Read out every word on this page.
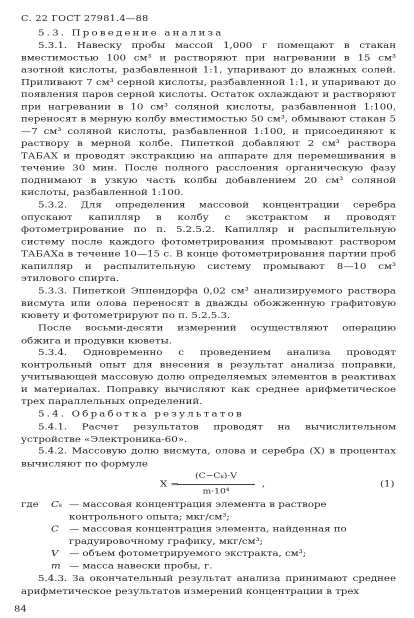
С. 22 ГОСТ 27981.4—88
5.3. Проведение анализа

5.3.1. Навеску пробы массой 1,000 г помещают в стакан вместимостью 100 см³ и растворяют при нагревании в 15 см³ азотной кислоты, разбавленной 1:1, упаривают до влажных солей. Приливают 7 см³ серной кислоты, разбавленной 1:1, и упаривают до появления паров серной кислоты. Остаток охлаждают и растворяют при нагревании в 10 см³ соляной кислоты, разбавленной 1:100, переносят в мерную колбу вместимостью 50 см³, обмывают стакан 5—7 см³ соляной кислоты, разбавленной 1:100, и присоединяют к раствору в мерной колбе. Пипеткой добавляют 2 см³ раствора ТАБАХ и проводят экстракцию на аппарате для перемешивания в течение 30 мин. После полного расслоения органическую фазу поднимают в узкую часть колбы добавлением 20 см³ соляной кислоты, разбавленной 1:100.

5.3.2. Для определения массовой концентрации серебра опускают капилляр в колбу с экстрактом и проводят фотометрирование по п. 5.2.5.2. Капилляр и распылительную систему после каждого фотометрирования промывают раствором ТАБАХа в течение 10—15 с. В конце фотометрирования партии проб капилляр и распылительную систему промывают 8—10 см³ этилового спирта.

5.3.3. Пипеткой Эппендорфа 0,02 см³ анализируемого раствора висмута или олова переносят в дважды обожженную графитовую кювету и фотометрируют по п. 5.2.5.3.

После восьми-десяти измерений осуществляют операцию обжига и продувки кюветы.

5.3.4. Одновременно с проведением анализа проводят контрольный опыт для внесения в результат анализа поправки, учитывающей массовую долю определяемых элементов в реактивах и материалах. Поправку вычисляют как среднее арифметическое трех параллельных определений.

5.4. Обработка результатов

5.4.1. Расчет результатов проводят на вычислительном устройстве «Электроника-60».

5.4.2. Массовую долю висмута, олова и серебра (X) в процентах вычисляют по формуле

X =
$\frac{\text{(C−Cₖ)·V}}{\text{m·10⁴}}$ ,	(1)
где Cₖ — массовая концентрация элемента в растворе контрольного опыта; мкг/см³;
C — массовая концентрация элемента, найденная по градуировочному графику, мкг/см³;
V — объем фотометрируемого экстракта, см³;
m — масса навески пробы, г.
84

5.4.3. За окончательный результат анализа принимают среднее арифметическое результатов измерений концентрации в трех
